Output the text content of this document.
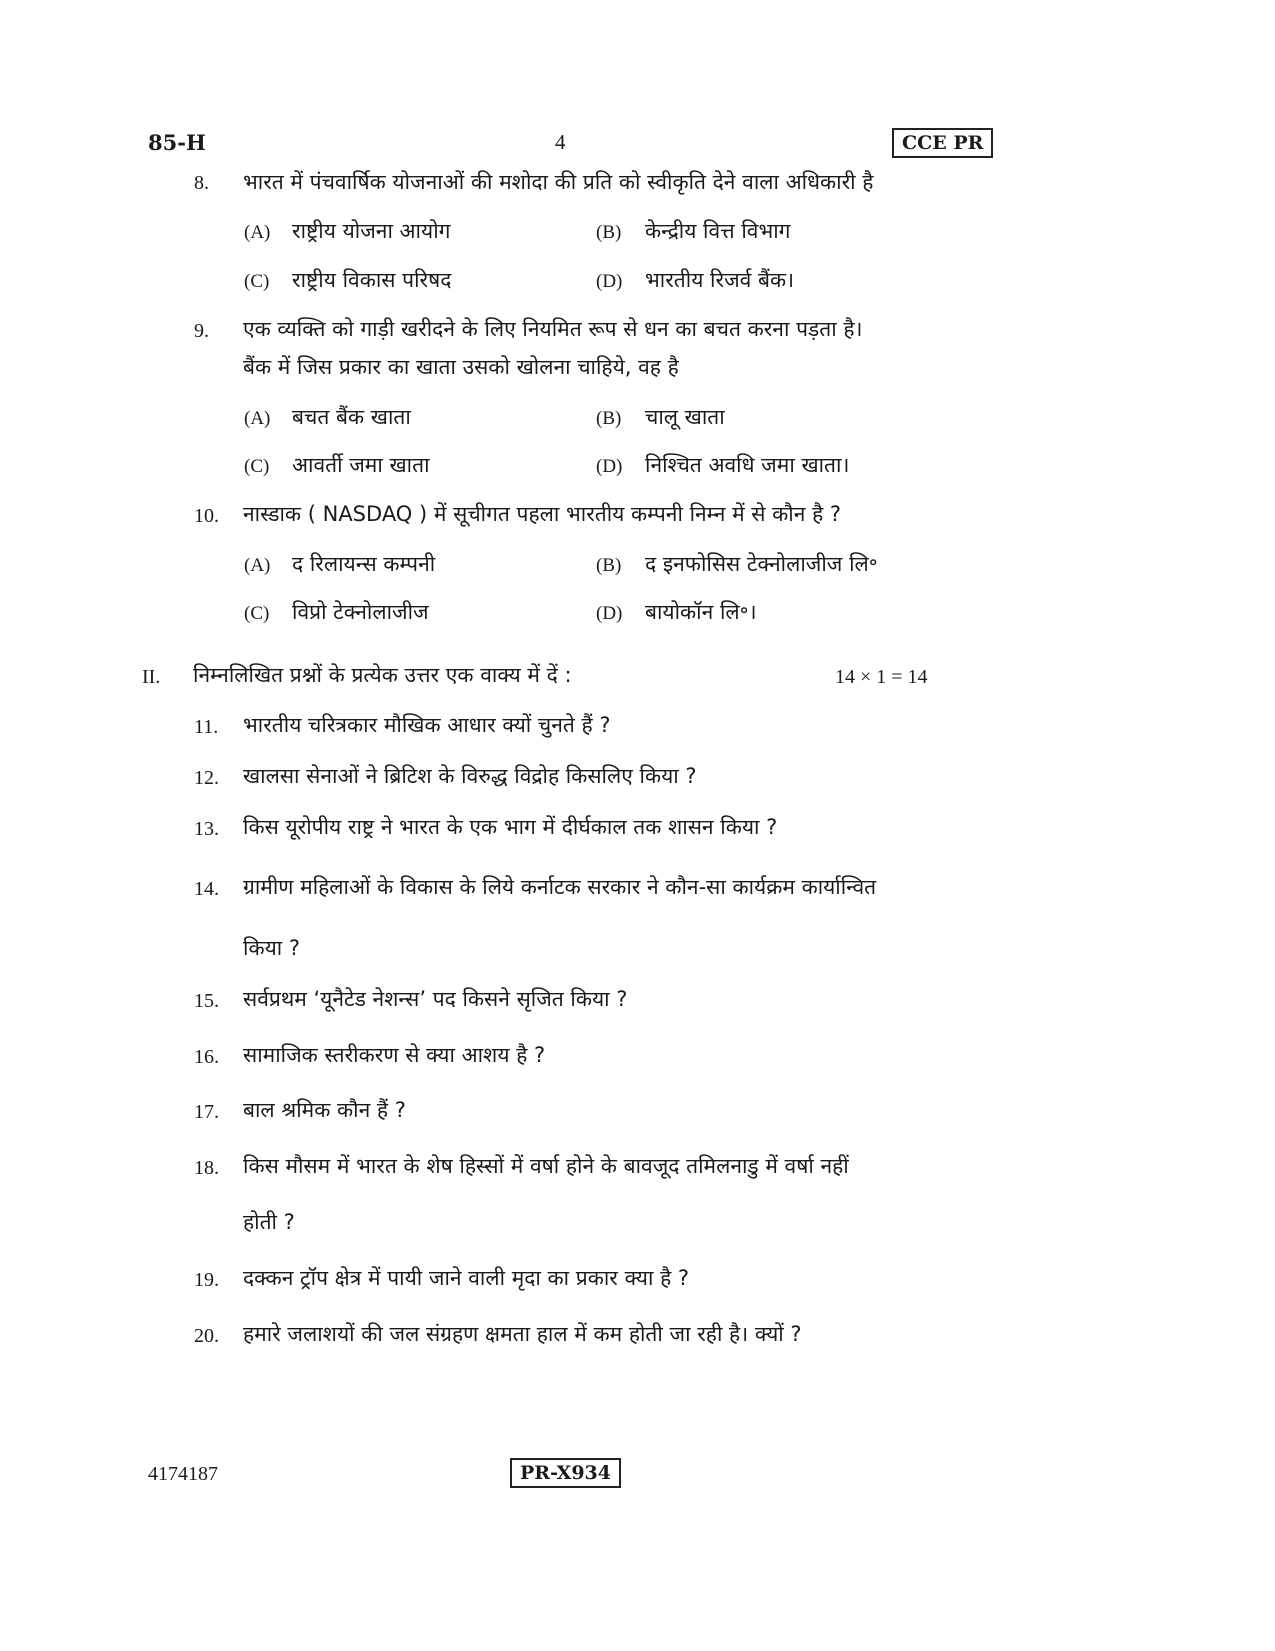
85-H	4	CCE PR
8. भारत में पंचवार्षिक योजनाओं की मशोदा की प्रति को स्वीकृति देने वाला अधिकारी है
(A) राष्ट्रीय योजना आयोग	(B) केन्द्रीय वित्त विभाग
(C) राष्ट्रीय विकास परिषद	(D) भारतीय रिजर्व बैंक।
9. एक व्यक्ति को गाड़ी खरीदने के लिए नियमित रूप से धन का बचत करना पड़ता है।
बैंक में जिस प्रकार का खाता उसको खोलना चाहिये, वह है
(A) बचत बैंक खाता	(B) चालू खाता
(C) आवर्ती जमा खाता	(D) निश्चित अवधि जमा खाता।
10. नास्डाक ( NASDAQ ) में सूचीगत पहला भारतीय कम्पनी निम्न में से कौन है ?
(A) द रिलायन्स कम्पनी	(B) द इनफोसिस टेक्नोलाजीज लि॰
(C) विप्रो टेक्नोलाजीज	(D) बायोकॉन लि॰।
II. निम्नलिखित प्रश्नों के प्रत्येक उत्तर एक वाक्य में दें :	14 × 1 = 14
11. भारतीय चरित्रकार मौखिक आधार क्यों चुनते हैं ?
12. खालसा सेनाओं ने ब्रिटिश के विरुद्ध विद्रोह किसलिए किया ?
13. किस यूरोपीय राष्ट्र ने भारत के एक भाग में दीर्घकाल तक शासन किया ?
14. ग्रामीण महिलाओं के विकास के लिये कर्नाटक सरकार ने कौन-सा कार्यक्रम कार्यान्वित
किया ?
15. सर्वप्रथम ‘यूनैटेड नेशन्स’ पद किसने सृजित किया ?
16. सामाजिक स्तरीकरण से क्या आशय है ?
17. बाल श्रमिक कौन हैं ?
18. किस मौसम में भारत के शेष हिस्सों में वर्षा होने के बावजूद तमिलनाडु में वर्षा नहीं
होती ?
19. दक्कन ट्रॉप क्षेत्र में पायी जाने वाली मृदा का प्रकार क्या है ?
20. हमारे जलाशयों की जल संग्रहण क्षमता हाल में कम होती जा रही है। क्यों ?
4174187	PR-X934
